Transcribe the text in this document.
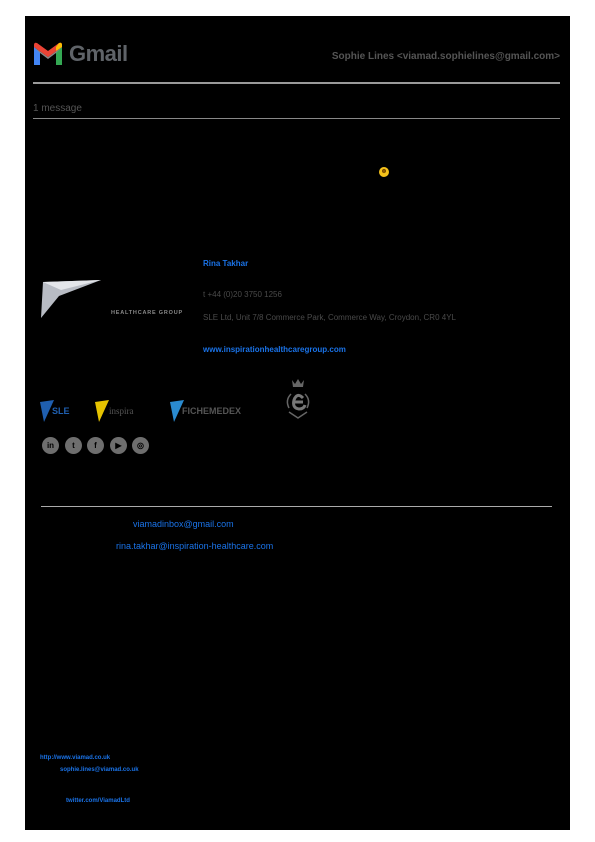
Gmail	Sophie Lines <viamad.sophielines@gmail.com>
1 message
☻
HEALTHCARE GROUP
Rina Takhar
t +44 (0)20 3750 1256
SLE Ltd, Unit 7/8 Commerce Park, Commerce Way, Croydon, CR0 4YL
www.inspirationhealthcaregroup.com
SLE	inspira	FICHEMEDEX
in	t	f	▶	◎
viamadinbox@gmail.com
rina.takhar@inspiration-healthcare.com
http://www.viamad.co.uk
sophie.lines@viamad.co.uk
twitter.com/ViamadLtd
